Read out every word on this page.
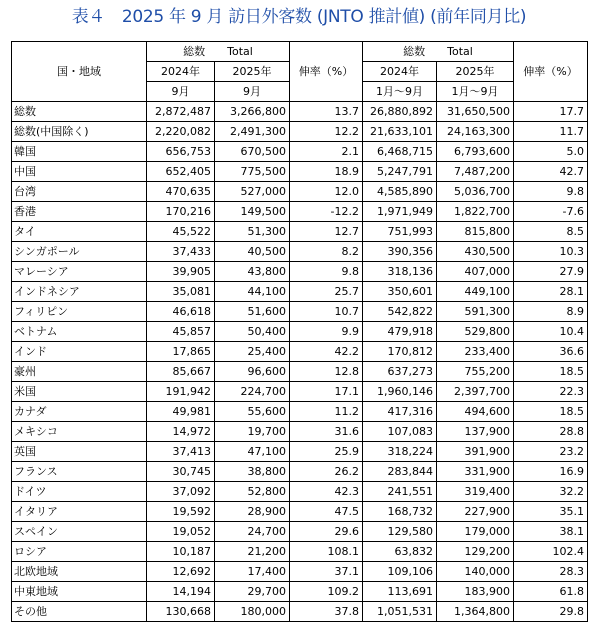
表４　2025 年 9 月 訪日外客数 (JNTO 推計値) (前年同月比)
国・地域	総数 Total		伸率（%）	総数 Total		伸率（%）
	2024年	2025年		2024年	2025年	
	9月	9月		1月～9月	1月～9月	
総数	2,872,487	3,266,800	13.7	26,880,892	31,650,500	17.7
総数(中国除く)	2,220,082	2,491,300	12.2	21,633,101	24,163,300	11.7
韓国	656,753	670,500	2.1	6,468,715	6,793,600	5.0
中国	652,405	775,500	18.9	5,247,791	7,487,200	42.7
台湾	470,635	527,000	12.0	4,585,890	5,036,700	9.8
香港	170,216	149,500	-12.2	1,971,949	1,822,700	-7.6
タイ	45,522	51,300	12.7	751,993	815,800	8.5
シンガポール	37,433	40,500	8.2	390,356	430,500	10.3
マレーシア	39,905	43,800	9.8	318,136	407,000	27.9
インドネシア	35,081	44,100	25.7	350,601	449,100	28.1
フィリピン	46,618	51,600	10.7	542,822	591,300	8.9
ベトナム	45,857	50,400	9.9	479,918	529,800	10.4
インド	17,865	25,400	42.2	170,812	233,400	36.6
豪州	85,667	96,600	12.8	637,273	755,200	18.5
米国	191,942	224,700	17.1	1,960,146	2,397,700	22.3
カナダ	49,981	55,600	11.2	417,316	494,600	18.5
メキシコ	14,972	19,700	31.6	107,083	137,900	28.8
英国	37,413	47,100	25.9	318,224	391,900	23.2
フランス	30,745	38,800	26.2	283,844	331,900	16.9
ドイツ	37,092	52,800	42.3	241,551	319,400	32.2
イタリア	19,592	28,900	47.5	168,732	227,900	35.1
スペイン	19,052	24,700	29.6	129,580	179,000	38.1
ロシア	10,187	21,200	108.1	63,832	129,200	102.4
北欧地域	12,692	17,400	37.1	109,106	140,000	28.3
中東地域	14,194	29,700	109.2	113,691	183,900	61.8
その他	130,668	180,000	37.8	1,051,531	1,364,800	29.8
